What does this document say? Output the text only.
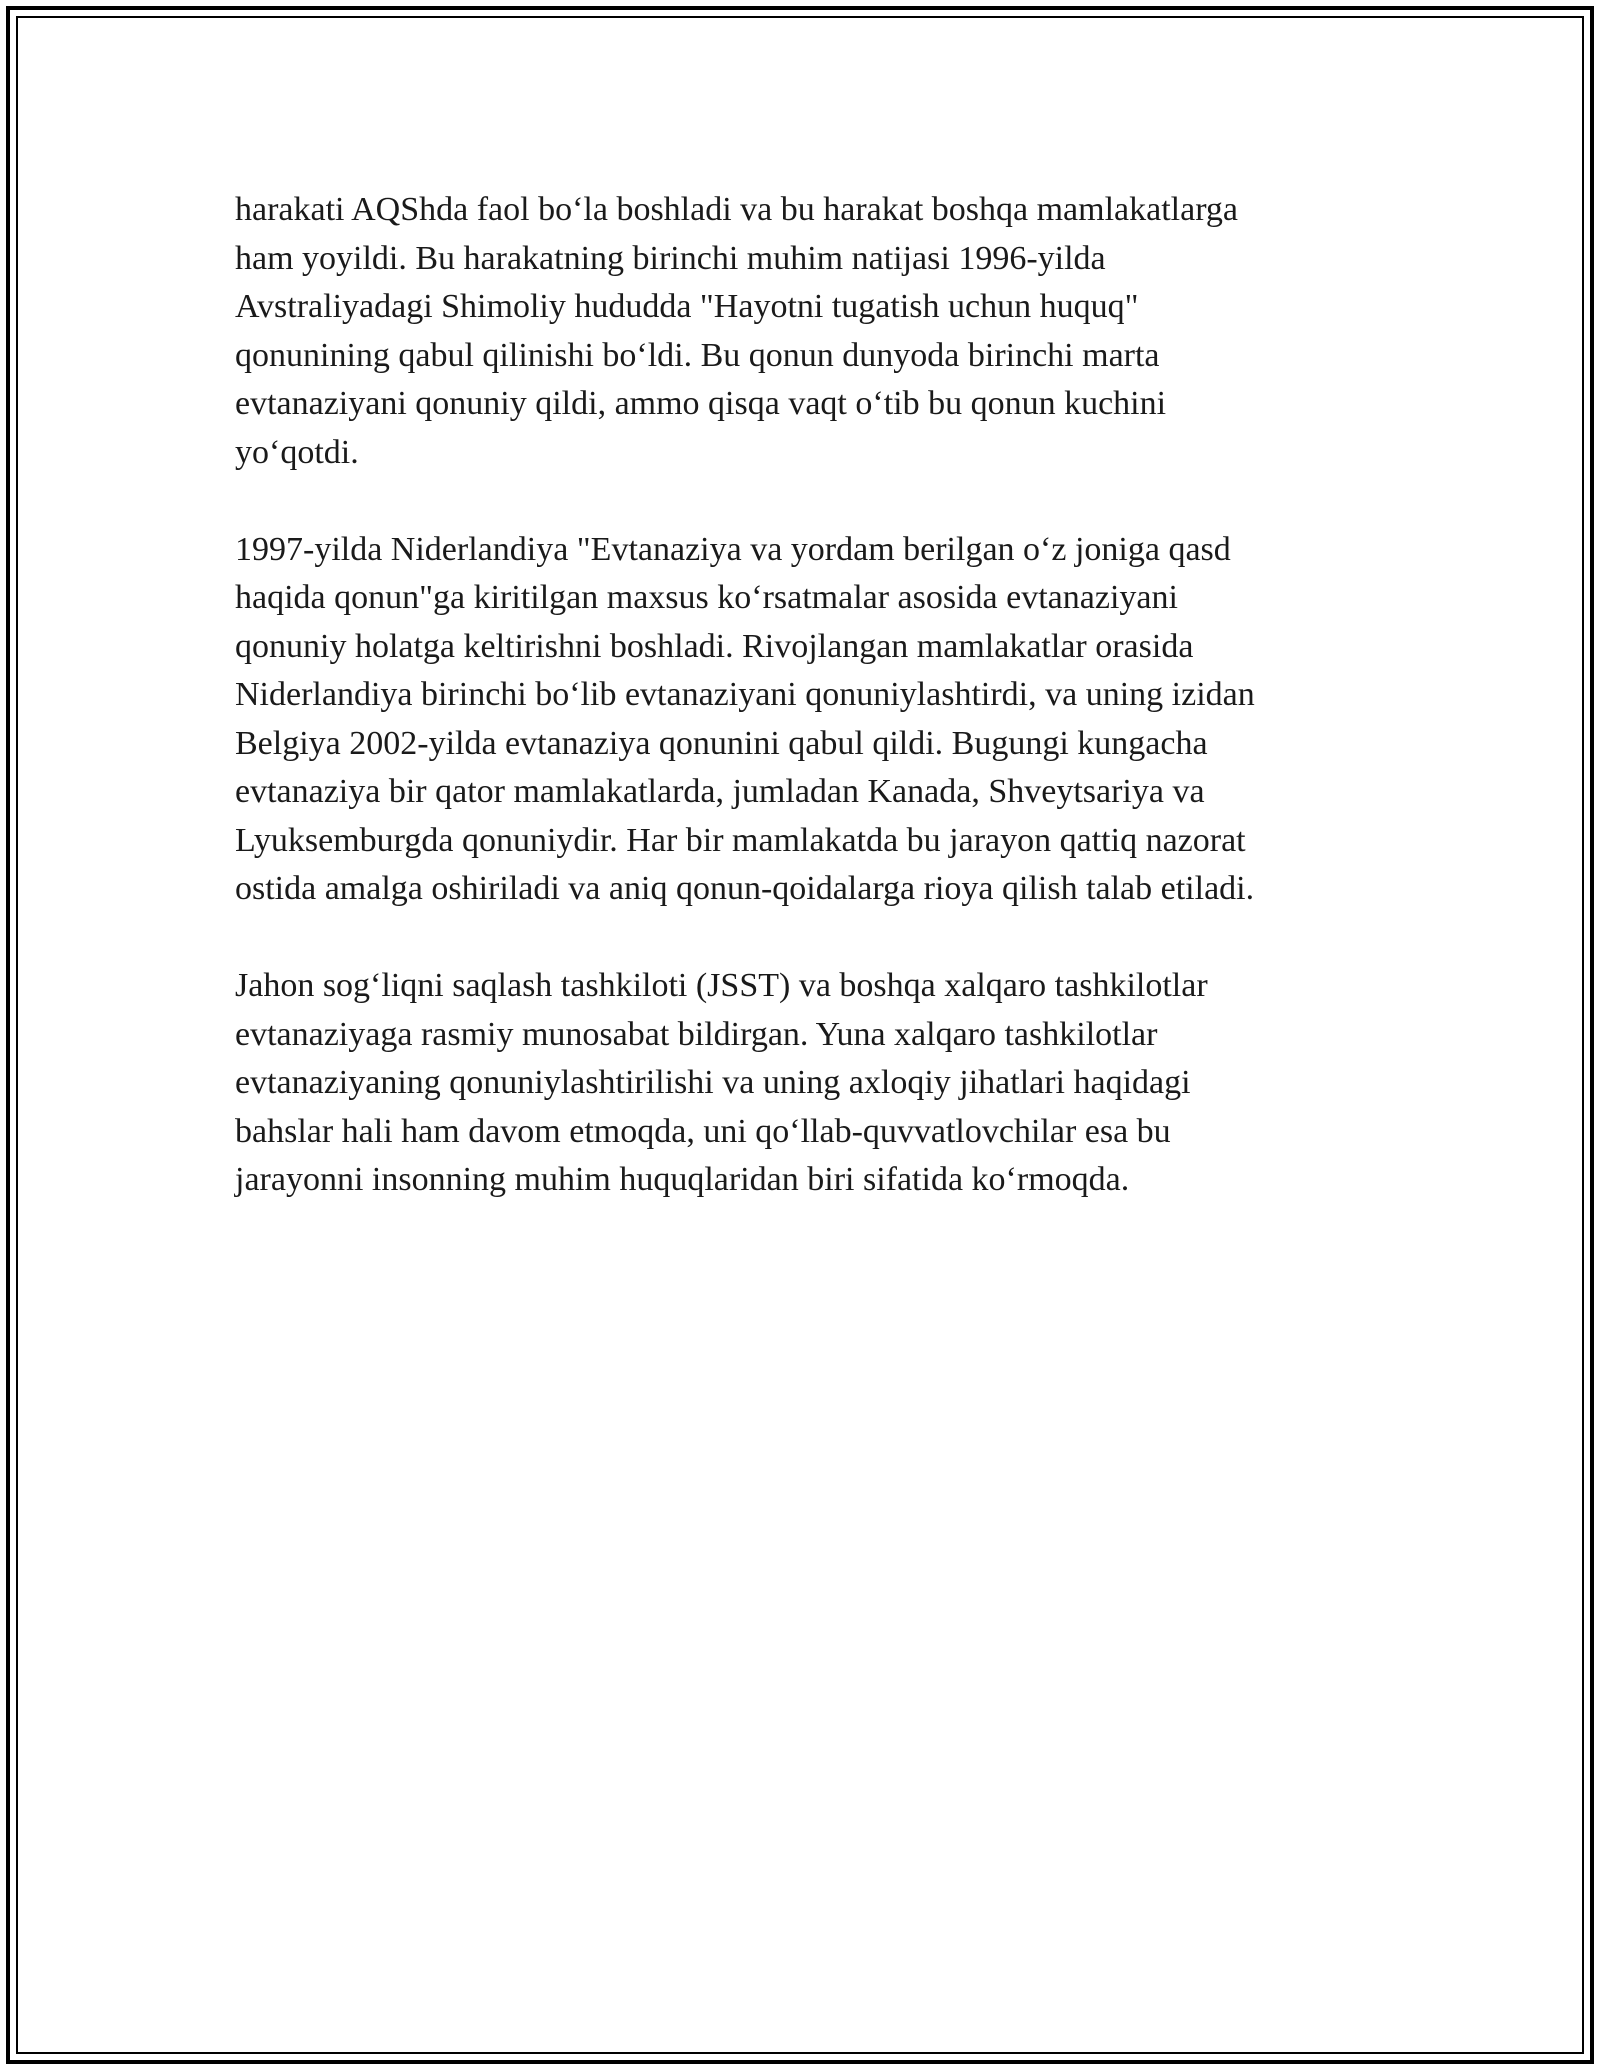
harakati AQShda faol bo‘la boshladi va bu harakat boshqa mamlakatlarga
ham yoyildi. Bu harakatning birinchi muhim natijasi 1996-yilda
Avstraliyadagi Shimoliy hududda "Hayotni tugatish uchun huquq"
qonunining qabul qilinishi bo‘ldi. Bu qonun dunyoda birinchi marta
evtanaziyani qonuniy qildi, ammo qisqa vaqt o‘tib bu qonun kuchini
yo‘qotdi.

1997-yilda Niderlandiya "Evtanaziya va yordam berilgan o‘z joniga qasd
haqida qonun"ga kiritilgan maxsus ko‘rsatmalar asosida evtanaziyani
qonuniy holatga keltirishni boshladi. Rivojlangan mamlakatlar orasida
Niderlandiya birinchi bo‘lib evtanaziyani qonuniylashtirdi, va uning izidan
Belgiya 2002-yilda evtanaziya qonunini qabul qildi. Bugungi kungacha
evtanaziya bir qator mamlakatlarda, jumladan Kanada, Shveytsariya va
Lyuksemburgda qonuniydir. Har bir mamlakatda bu jarayon qattiq nazorat
ostida amalga oshiriladi va aniq qonun-qoidalarga rioya qilish talab etiladi.

Jahon sog‘liqni saqlash tashkiloti (JSST) va boshqa xalqaro tashkilotlar
evtanaziyaga rasmiy munosabat bildirgan. Yuna xalqaro tashkilotlar
evtanaziyaning qonuniylashtirilishi va uning axloqiy jihatlari haqidagi
bahslar hali ham davom etmoqda, uni qo‘llab-quvvatlovchilar esa bu
jarayonni insonning muhim huquqlaridan biri sifatida ko‘rmoqda.
